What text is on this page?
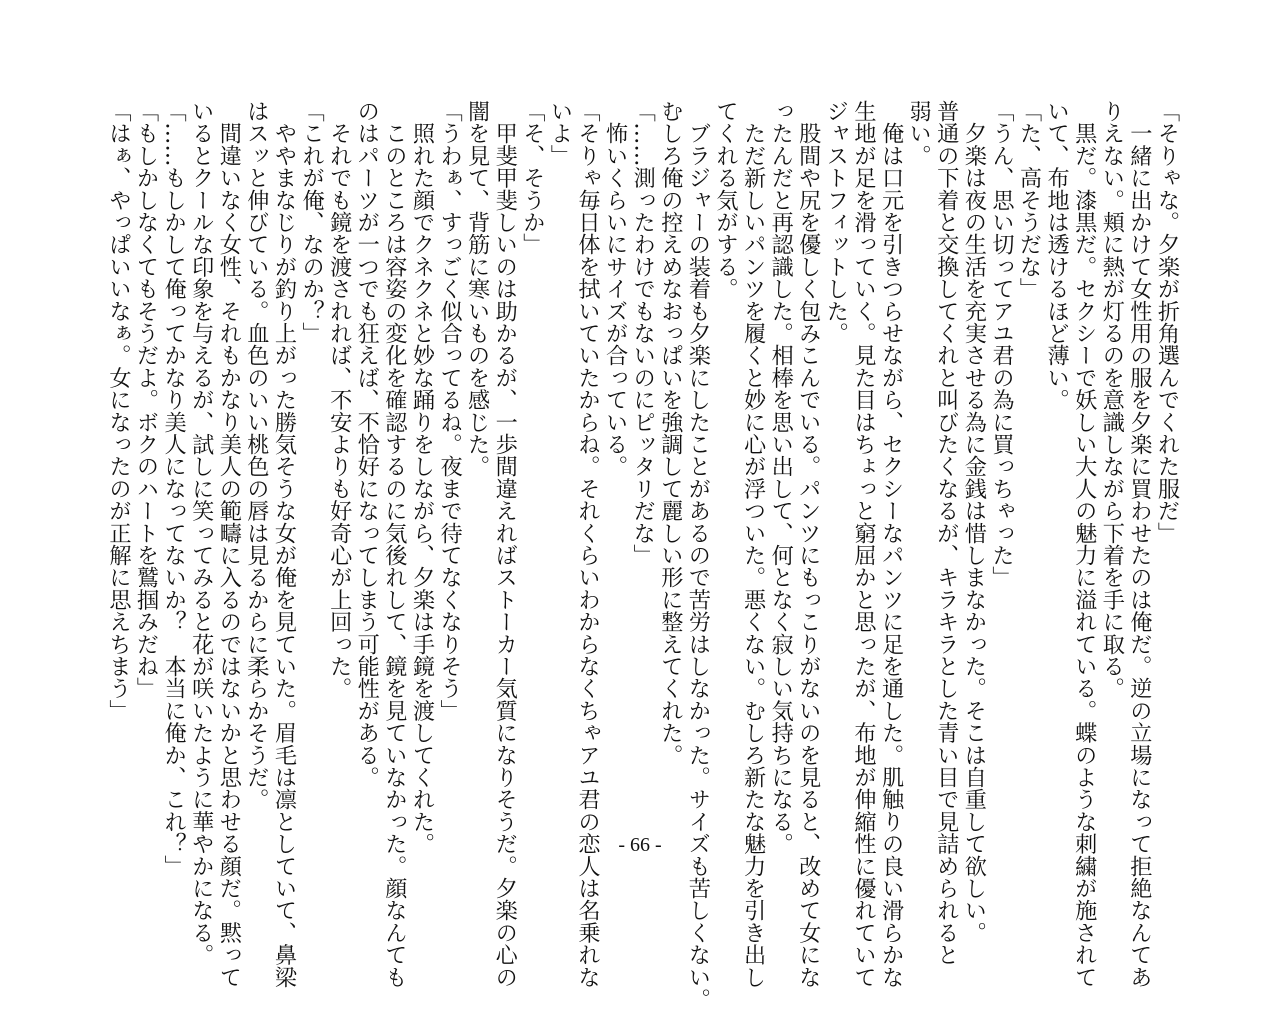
「そりゃな。夕楽が折角選んでくれた服だ」
　一緒に出かけて女性用の服を夕楽に買わせたのは俺だ。逆の立場になって拒絶なんてあ
りえない。頬に熱が灯るのを意識しながら下着を手に取る。
　黒だ。漆黒だ。セクシーで妖しい大人の魅力に溢れている。蝶のような刺繍が施されて
いて、布地は透けるほど薄い。
「た、高そうだな」
「うん、思い切ってアユ君の為に買っちゃった」
　夕楽は夜の生活を充実させる為に金銭は惜しまなかった。そこは自重して欲しい。
普通の下着と交換してくれと叫びたくなるが、キラキラとした青い目で見詰められると
弱い。
　俺は口元を引きつらせながら、セクシーなパンツに足を通した。肌触りの良い滑らかな
生地が足を滑っていく。見た目はちょっと窮屈かと思ったが、布地が伸縮性に優れていて
ジャストフィットした。
　股間や尻を優しく包みこんでいる。パンツにもっこりがないのを見ると、改めて女にな
ったんだと再認識した。相棒を思い出して、何となく寂しい気持ちになる。
　ただ新しいパンツを履くと妙に心が浮ついた。悪くない。むしろ新たな魅力を引き出し
てくれる気がする。
　ブラジャーの装着も夕楽にしたことがあるので苦労はしなかった。サイズも苦しくない。
むしろ俺の控えめなおっぱいを強調して麗しい形に整えてくれた。
「……測ったわけでもないのにピッタリだな」
　怖いくらいにサイズが合っている。
「そりゃ毎日体を拭いていたからね。それくらいわからなくちゃアユ君の恋人は名乗れな
いよ」
「そ、そうか」
　甲斐甲斐しいのは助かるが、一歩間違えればストーカー気質になりそうだ。夕楽の心の
闇を見て、背筋に寒いものを感じた。
「うわぁ、すっごく似合ってるね。夜まで待てなくなりそう」
　照れた顔でクネクネと妙な踊りをしながら、夕楽は手鏡を渡してくれた。
　このところは容姿の変化を確認するのに気後れして、鏡を見ていなかった。顔なんても
のはパーツが一つでも狂えば、不恰好になってしまう可能性がある。
　それでも鏡を渡されれば、不安よりも好奇心が上回った。
「これが俺、なのか？」
　ややまなじりが釣り上がった勝気そうな女が俺を見ていた。眉毛は凛としていて、鼻梁
はスッと伸びている。血色のいい桃色の唇は見るからに柔らかそうだ。
　間違いなく女性、それもかなり美人の範疇に入るのではないかと思わせる顔だ。黙って
いるとクールな印象を与えるが、試しに笑ってみると花が咲いたように華やかになる。
「……もしかして俺ってかなり美人になってないか？　本当に俺か、これ？」
「もしかしなくてもそうだよ。ボクのハートを鷲掴みだね」
「はぁ、やっぱいいなぁ。女になったのが正解に思えちまう」
- 66 -
